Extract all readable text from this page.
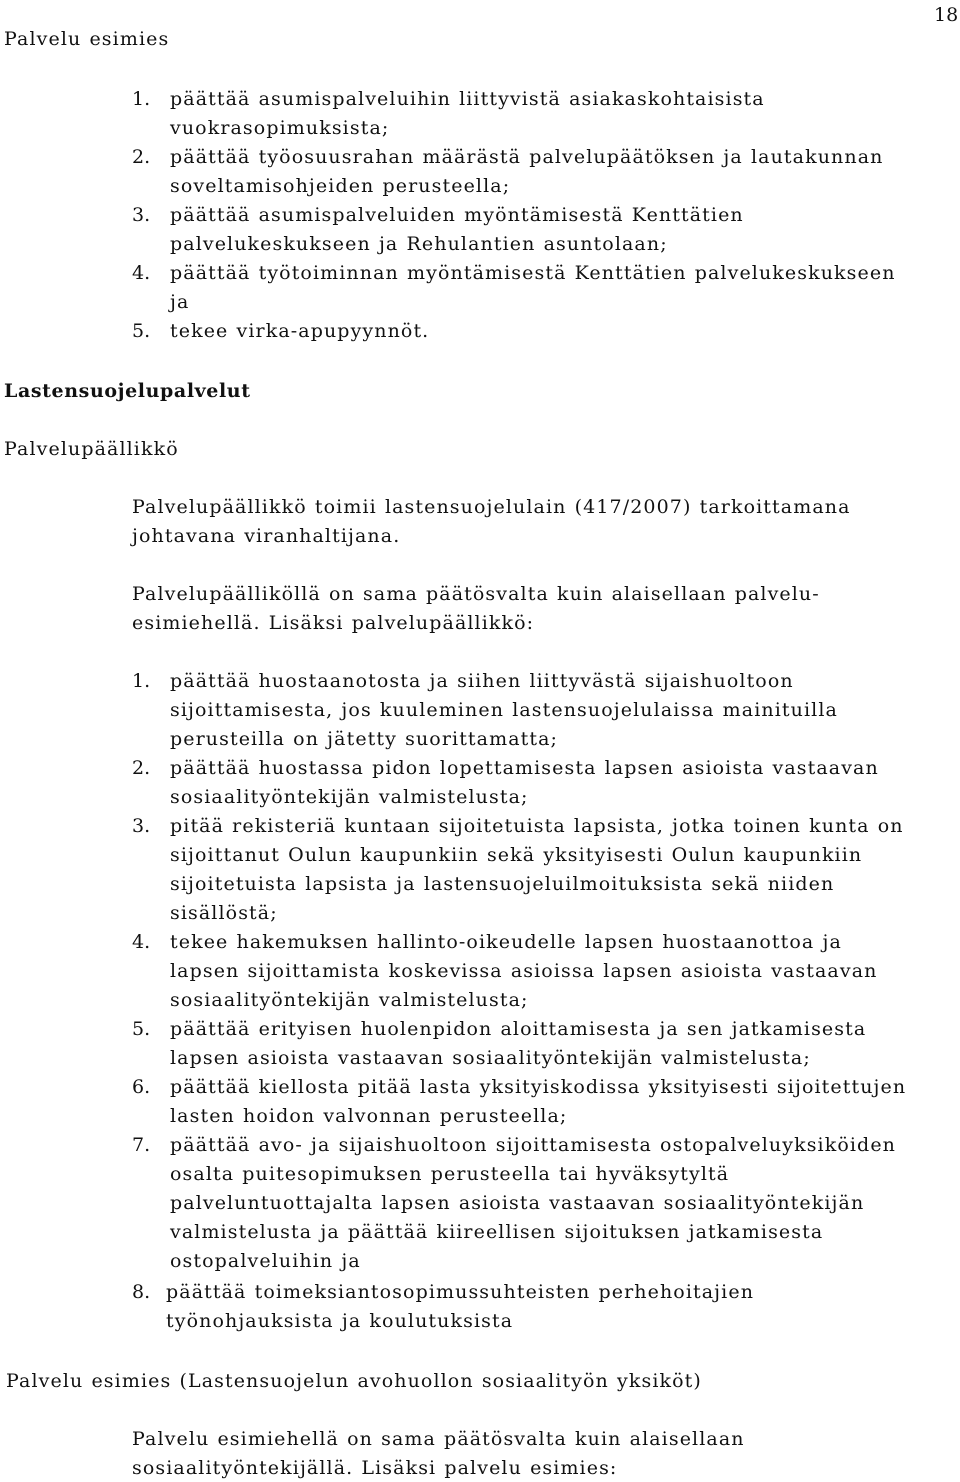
18
Palvelu esimies
1. päättää asumispalveluihin liittyvistä asiakaskohtaisista
vuokrasopimuksista;
2. päättää työosuusrahan määrästä palvelupäätöksen ja lautakunnan
soveltamisohjeiden perusteella;
3. päättää asumispalveluiden myöntämisestä Kenttätien
palvelukeskukseen ja Rehulantien asuntolaan;
4. päättää työtoiminnan myöntämisestä Kenttätien palvelukeskukseen
ja
5. tekee virka-apupyynnöt.
Lastensuojelupalvelut
Palvelupäällikkö
Palvelupäällikkö toimii lastensuojelulain (417/2007) tarkoittamana
johtavana viranhaltijana.
Palvelupäälliköllä on sama päätösvalta kuin alaisellaan palvelu-
esimiehellä. Lisäksi palvelupäällikkö:
1. päättää huostaanotosta ja siihen liittyvästä sijaishuoltoon
sijoittamisesta, jos kuuleminen lastensuojelulaissa mainituilla
perusteilla on jätetty suorittamatta;
2. päättää huostassa pidon lopettamisesta lapsen asioista vastaavan
sosiaalityöntekijän valmistelusta;
3. pitää rekisteriä kuntaan sijoitetuista lapsista, jotka toinen kunta on
sijoittanut Oulun kaupunkiin sekä yksityisesti Oulun kaupunkiin
sijoitetuista lapsista ja lastensuojeluilmoituksista sekä niiden
sisällöstä;
4. tekee hakemuksen hallinto-oikeudelle lapsen huostaanottoa ja
lapsen sijoittamista koskevissa asioissa lapsen asioista vastaavan
sosiaalityöntekijän valmistelusta;
5. päättää erityisen huolenpidon aloittamisesta ja sen jatkamisesta
lapsen asioista vastaavan sosiaalityöntekijän valmistelusta;
6. päättää kiellosta pitää lasta yksityiskodissa yksityisesti sijoitettujen
lasten hoidon valvonnan perusteella;
7. päättää avo- ja sijaishuoltoon sijoittamisesta ostopalveluyksiköiden
osalta puitesopimuksen perusteella tai hyväksytyltä
palveluntuottajalta lapsen asioista vastaavan sosiaalityöntekijän
valmistelusta ja päättää kiireellisen sijoituksen jatkamisesta
ostopalveluihin ja
8. päättää toimeksiantosopimussuhteisten perhehoitajien
työnohjauksista ja koulutuksista
Palvelu esimies (Lastensuojelun avohuollon sosiaalityön yksiköt)
Palvelu esimiehellä on sama päätösvalta kuin alaisellaan
sosiaalityöntekijällä. Lisäksi palvelu esimies:
